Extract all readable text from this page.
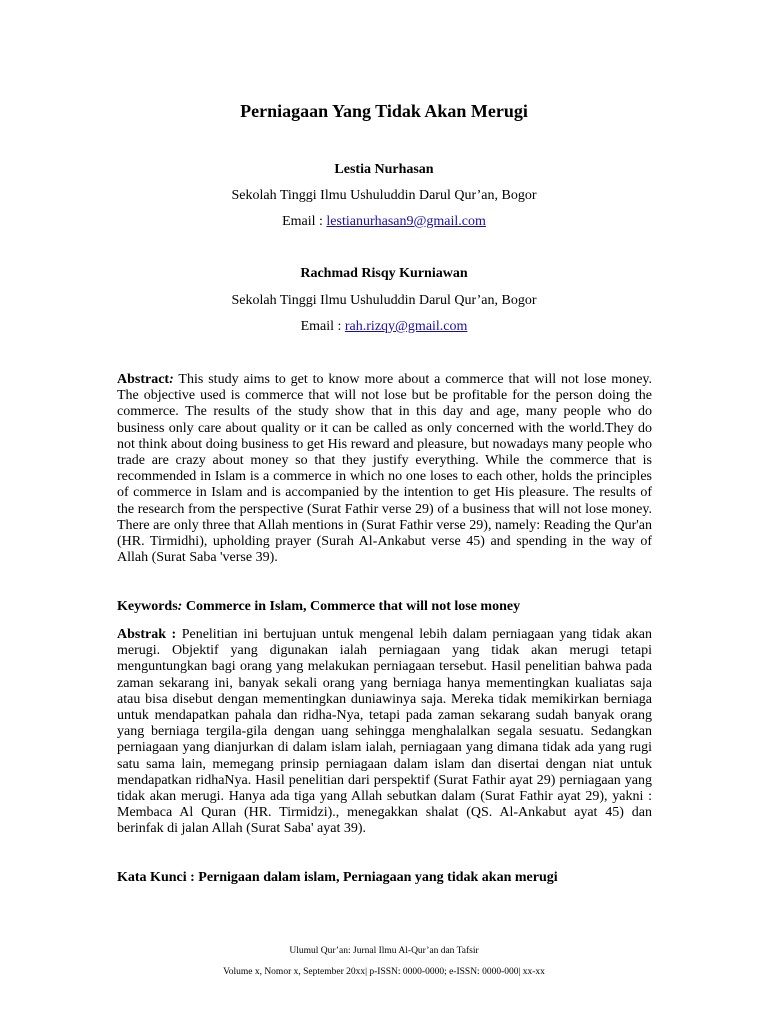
Perniagaan Yang Tidak Akan Merugi
Lestia Nurhasan
Sekolah Tinggi Ilmu Ushuluddin Darul Qur’an, Bogor
Email : lestianurhasan9@gmail.com
Rachmad Risqy Kurniawan
Sekolah Tinggi Ilmu Ushuluddin Darul Qur’an, Bogor
Email : rah.rizqy@gmail.com
Abstract: This study aims to get to know more about a commerce that will not lose money. The objective used is commerce that will not lose but be profitable for the person doing the commerce. The results of the study show that in this day and age, many people who do business only care about quality or it can be called as only concerned with the world.They do not think about doing business to get His reward and pleasure, but nowadays many people who trade are crazy about money so that they justify everything. While the commerce that is recommended in Islam is a commerce in which no one loses to each other, holds the principles of commerce in Islam and is accompanied by the intention to get His pleasure. The results of the research from the perspective (Surat Fathir verse 29) of a business that will not lose money. There are only three that Allah mentions in (Surat Fathir verse 29), namely: Reading the Qur'an (HR. Tirmidhi), upholding prayer (Surah Al-Ankabut verse 45) and spending in the way of Allah (Surat Saba 'verse 39).
Keywords: Commerce in Islam, Commerce that will not lose money
Abstrak : Penelitian ini bertujuan untuk mengenal lebih dalam perniagaan yang tidak akan merugi. Objektif yang digunakan ialah perniagaan yang tidak akan merugi tetapi menguntungkan bagi orang yang melakukan perniagaan tersebut. Hasil penelitian bahwa pada zaman sekarang ini, banyak sekali orang yang berniaga hanya mementingkan kualiatas saja atau bisa disebut dengan mementingkan duniawinya saja. Mereka tidak memikirkan berniaga untuk mendapatkan pahala dan ridha-Nya, tetapi pada zaman sekarang sudah banyak orang yang berniaga tergila-gila dengan uang sehingga menghalalkan segala sesuatu. Sedangkan perniagaan yang dianjurkan di dalam islam ialah, perniagaan yang dimana tidak ada yang rugi satu sama lain, memegang prinsip perniagaan dalam islam dan disertai dengan niat untuk mendapatkan ridhaNya. Hasil penelitian dari perspektif (Surat Fathir ayat 29) perniagaan yang tidak akan merugi. Hanya ada tiga yang Allah sebutkan dalam (Surat Fathir ayat 29), yakni : Membaca Al Quran (HR. Tirmidzi)., menegakkan shalat (QS. Al-Ankabut ayat 45) dan berinfak di jalan Allah (Surat Saba' ayat 39).
Kata Kunci : Pernigaan dalam islam, Perniagaan yang tidak akan merugi
Ulumul Qur’an: Jurnal Ilmu Al-Qur’an dan Tafsir
Volume x, Nomor x, September 20xx| p-ISSN: 0000-0000; e-ISSN: 0000-000| xx-xx
